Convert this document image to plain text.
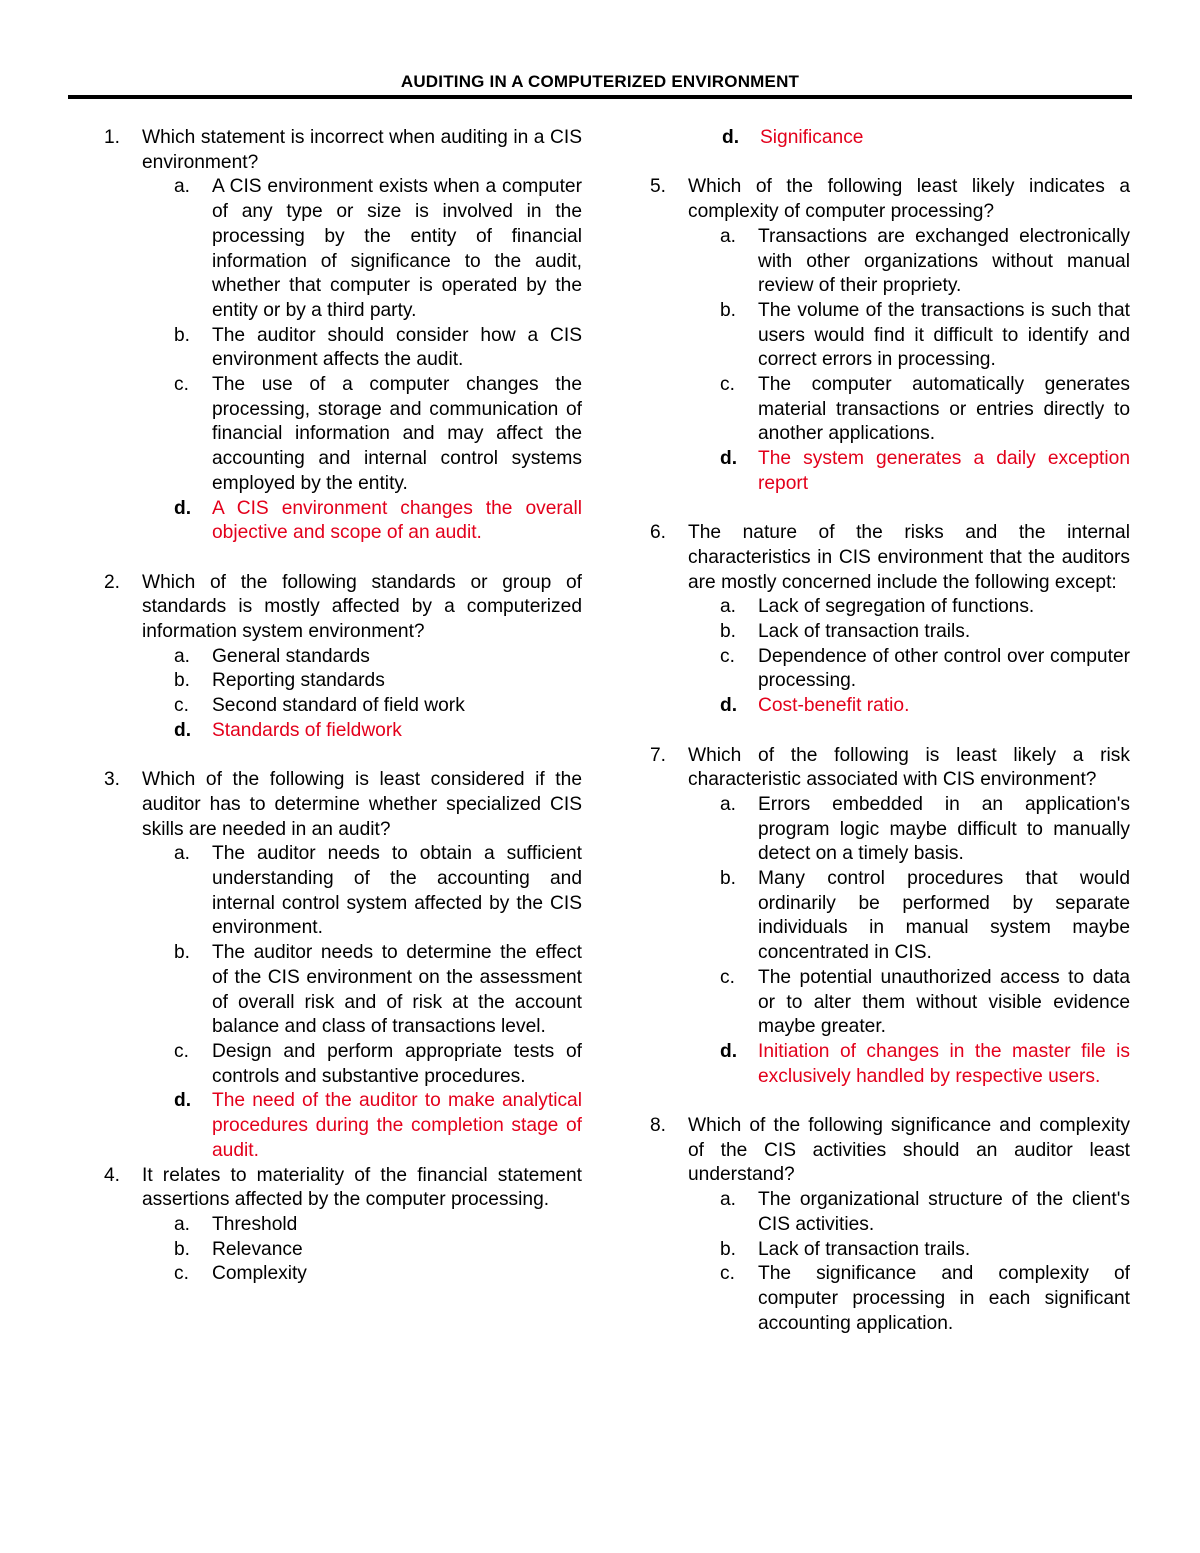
AUDITING IN A COMPUTERIZED ENVIRONMENT
1. Which statement is incorrect when auditing in a CIS environment?
a. A CIS environment exists when a computer of any type or size is involved in the processing by the entity of financial information of significance to the audit, whether that computer is operated by the entity or by a third party.
b. The auditor should consider how a CIS environment affects the audit.
c. The use of a computer changes the processing, storage and communication of financial information and may affect the accounting and internal control systems employed by the entity.
d. A CIS environment changes the overall objective and scope of an audit.
2. Which of the following standards or group of standards is mostly affected by a computerized information system environment?
a. General standards
b. Reporting standards
c. Second standard of field work
d. Standards of fieldwork
3. Which of the following is least considered if the auditor has to determine whether specialized CIS skills are needed in an audit?
a. The auditor needs to obtain a sufficient understanding of the accounting and internal control system affected by the CIS environment.
b. The auditor needs to determine the effect of the CIS environment on the assessment of overall risk and of risk at the account balance and class of transactions level.
c. Design and perform appropriate tests of controls and substantive procedures.
d. The need of the auditor to make analytical procedures during the completion stage of audit.
4. It relates to materiality of the financial statement assertions affected by the computer processing.
a. Threshold
b. Relevance
c. Complexity
d. Significance
5. Which of the following least likely indicates a complexity of computer processing?
a. Transactions are exchanged electronically with other organizations without manual review of their propriety.
b. The volume of the transactions is such that users would find it difficult to identify and correct errors in processing.
c. The computer automatically generates material transactions or entries directly to another applications.
d. The system generates a daily exception report
6. The nature of the risks and the internal characteristics in CIS environment that the auditors are mostly concerned include the following except:
a. Lack of segregation of functions.
b. Lack of transaction trails.
c. Dependence of other control over computer processing.
d. Cost-benefit ratio.
7. Which of the following is least likely a risk characteristic associated with CIS environment?
a. Errors embedded in an application's program logic maybe difficult to manually detect on a timely basis.
b. Many control procedures that would ordinarily be performed by separate individuals in manual system maybe concentrated in CIS.
c. The potential unauthorized access to data or to alter them without visible evidence maybe greater.
d. Initiation of changes in the master file is exclusively handled by respective users.
8. Which of the following significance and complexity of the CIS activities should an auditor least understand?
a. The organizational structure of the client's CIS activities.
b. Lack of transaction trails.
c. The significance and complexity of computer processing in each significant accounting application.
